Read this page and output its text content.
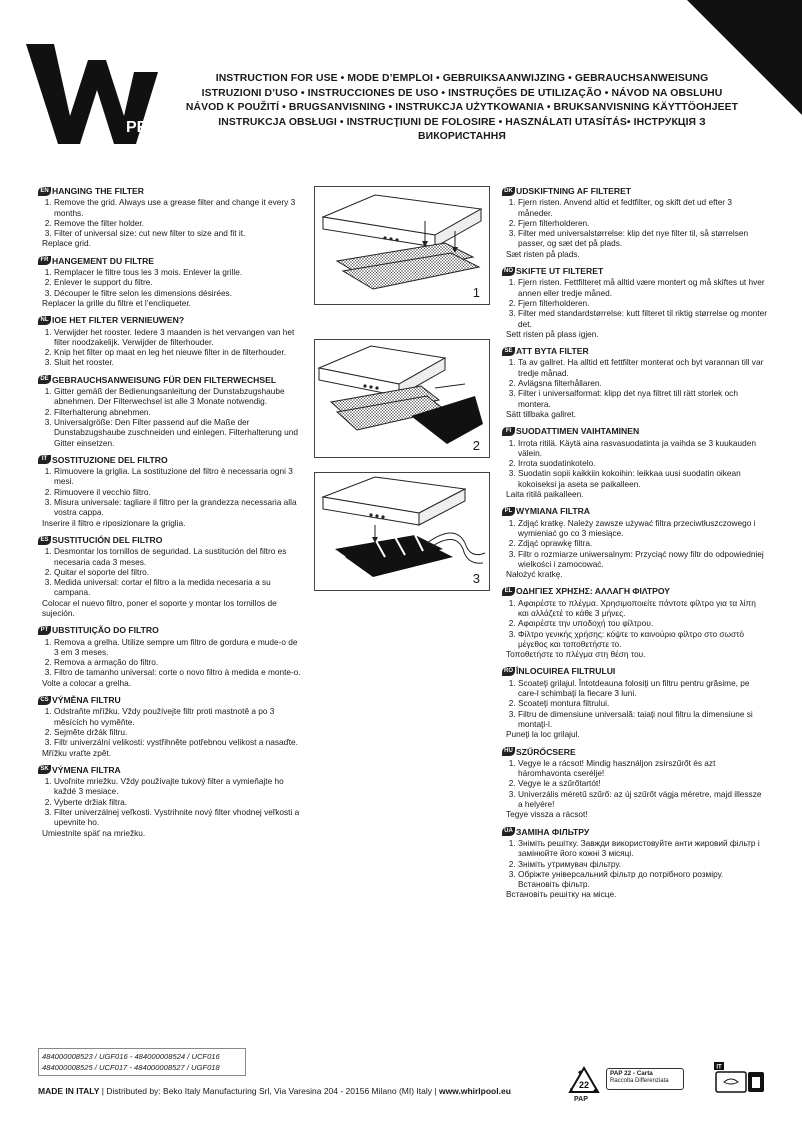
PRO
INSTRUCTION FOR USE • MODE D’EMPLOI • GEBRUIKSAANWIJZING • GEBRAUCHSANWEISUNG
ISTRUZIONI D’USO • INSTRUCCIONES DE USO • INSTRUÇÕES DE UTILIZAÇÃO • NÁVOD NA OBSLUHU
NÁVOD K POUŽITÍ • BRUGSANVISNING • INSTRUKCJA UŻYTKOWANIA • BRUKSANVISNING KÄYTTÖOHJEET
INSTRUKCJA OBSŁUGI • INSTRUCŢIUNI DE FOLOSIRE • HASZNÁLATI UTASÍTÁS• ІНСТРУКЦІЯ З ВИКОРИСТАННЯ
EN HANGING THE FILTER
1. Remove the grid. Always use a grease filter and change it every 3 months.
2. Remove the filter holder.
3. Filter of universal size: cut new filter to size and fit it.
Replace grid.
FR HANGEMENT DU FILTRE
1. Remplacer le filtre tous les 3 mois. Enlever la grille.
2. Enlever le support du filtre.
3. Découper le filtre selon les dimensions désirées.
Replacer la grille du filtre et l’encliqueter.
NL IOE HET FILTER VERNIEUWEN?
1. Verwijder het rooster. Iedere 3 maanden is het vervangen van het filter noodzakelijk. Verwijder de filterhouder.
2. Knip het filter op maat en leg het nieuwe filter in de filterhouder.
3. Sluit het rooster.
DE GEBRAUCHSANWEISUNG FÜR DEN FILTERWECHSEL
1. Gitter gemäß der Bedienungsanleitung der Dunstabzugshaube abnehmen. Der Filterwechsel ist alle 3 Monate notwendig.
2. Filterhalterung abnehmen.
3. Universalgröße: Den Filter passend auf die Maße der Dunstabzugshaube zuschneiden und einlegen. Filterhalterung und Gitter einsetzen.
IT SOSTITUZIONE DEL FILTRO
1. Rimuovere la griglia. La sostituzione del filtro è necessaria ogni 3 mesi.
2. Rimuovere il vecchio filtro.
3. Misura universale: tagliare il filtro per la grandezza necessaria alla vostra cappa.
Inserire il filtro e riposizionare la griglia.
ES SUSTITUCIÓN DEL FILTRO
1. Desmontar los tornillos de seguridad. La sustitución del filtro es necesaria cada 3 meses.
2. Quitar el soporte del filtro.
3. Medida universal: cortar el filtro a la medida necesaria a su campana.
Colocar el nuevo filtro, poner el soporte y montar los tornillos de sujeción.
PT UBSTITUIÇÃO DO FILTRO
1. Remova a grelha. Utilize sempre um filtro de gordura e mude-o de 3 em 3 meses.
2. Remova a armação do filtro.
3. Filtro de tamanho universal: corte o novo filtro à medida e monte-o.
Volte a colocar a grelha.
CS VÝMĚNA FILTRU
1. Odstraňte mřížku. Vždy používejte filtr proti mastnotě a po 3 měsících ho vyměňte.
2. Sejměte držák filtru.
3. Filtr univerzální velikosti: vystřihněte potřebnou velikost a nasaďte.
Mřížku vraťte zpět.
SK VÝMENA FILTRA
1. Uvoľnite mriežku. Vždy používajte tukový filter a vymieňajte ho každé 3 mesiace.
2. Vyberte držiak filtra.
3. Filter univerzálnej veľkosti. Vystrihnite nový filter vhodnej veľkosti a upevnite ho.
Umiestnite späť na mriežku.
DK UDSKIFTNING AF FILTERET
1. Fjern risten. Anvend altid et fedtfilter, og skift det ud efter 3 måneder.
2. Fjern filterholderen.
3. Filter med universalstørrelse: klip det nye filter til, så størrelsen passer, og sæt det på plads.
Sæt risten på plads.
NO SKIFTE UT FILTERET
1. Fjern risten. Fettfilteret må alltid være montert og må skiftes ut hver annen eller tredje måned.
2. Fjern filterholderen.
3. Filter med standardstørrelse: kutt filteret til riktig størrelse og monter det.
Sett risten på plass igjen.
SE ATT BYTA FILTER
1. Ta av gallret. Ha alltid ett fettfilter monterat och byt varannan till var tredje månad.
2. Avlägsna filterhållaren.
3. Filter i universalformat: klipp det nya filtret till rätt storlek och montera.
Sätt tillbaka gallret.
FI SUODATTIMEN VAIHTAMINEN
1. Irrota ritilä. Käytä aina rasvasuodatinta ja vaihda se 3 kuukauden välein.
2. Irrota suodatinkotelo.
3. Suodatin sopii kaikkiin kokoihin: leikkaa uusi suodatin oikean kokoiseksi ja aseta se paikalleen.
Laita ritilä paikalleen.
PL WYMIANA FILTRA
1. Zdjąć kratkę. Należy zawsze używać filtra przeciwtłuszczowego i wymieniać go co 3 miesiące.
2. Zdjąć oprawkę filtra.
3. Filtr o rozmiarze uniwersalnym: Przyciąć nowy filtr do odpowiedniej wielkości i zamocować.
Nałożyć kratkę.
EL ΟΔΗΓΙΕΣ ΧΡΗΣΗΣ: ΑΛΛΑΓΗ ΦΙΛΤΡΟΥ
1. Αφαιρέστε το πλέγμα. Χρησιμοποιείτε πάντοτε φίλτρο για τα λίπη και αλλάζετέ το κάθε 3 μήνες.
2. Αφαιρέστε την υποδοχή του φίλτρου.
3. Φίλτρο γενικής χρήσης: κόψτε το καινούριο φίλτρο στο σωστό μέγεθος και τοποθετήστε το.
Τοποθετήστε το πλέγμα στη θέση του.
RO ÎNLOCUIREA FILTRULUI
1. Scoateţi grilajul. Întotdeauna folosiţi un filtru pentru grăsime, pe care-l schimbaţi la fiecare 3 luni.
2. Scoateţi montura filtrului.
3. Filtru de dimensiune universală: taiaţi noul filtru la dimensiune si montaţi-l.
Puneţi la loc grilajul.
HU SZŰRŐCSERE
1. Vegye le a rácsot! Mindig használjon zsírszűrőt és azt háromhavonta cserélje!
2. Vegye le a szűrőtartót!
3. Univerzális méretű szűrő: az új szűrőt vágja méretre, majd illessze a helyére!
Tegye vissza a rácsot!
UA ЗАМІНА ФІЛЬТРУ
1. Зніміть решітку. Завжди використовуйте анти жировий фільтр і замінюйте його кожні 3 місяці.
2. Зніміть утримувач фільтру.
3. Обріжте універсальний фільтр до потрібного розміру. Встановіть фільтр.
Встановіть решітку на місце.
1
2
3
484000008523 / UGF016 - 484000008524 / UCF016
484000008525 / UCF017 - 484000008527 / UGF018
MADE IN ITALY | Distributed by: Beko Italy Manufacturing Srl, Via Varesina 204 - 20156 Milano (MI) Italy | www.whirlpool.eu
22
PAP
PAP 22 - Carta
Raccolta Differenziata
IT
